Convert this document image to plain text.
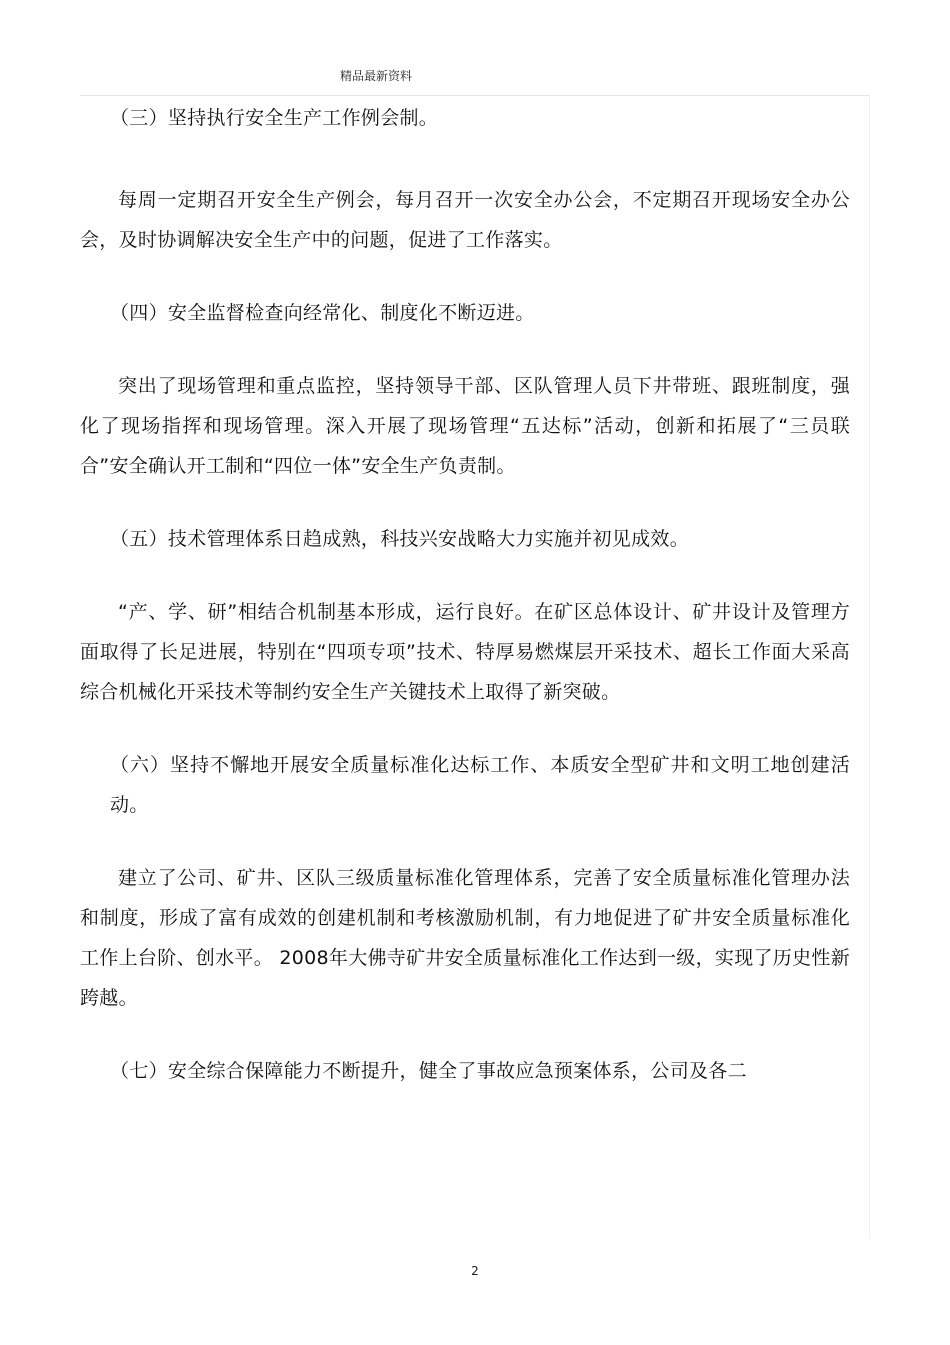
精品最新资料

（三）坚持执行安全生产工作例会制。

每周一定期召开安全生产例会，每月召开一次安全办公会，不定期召开现场安全办公会，及时协调解决安全生产中的问题，促进了工作落实。

（四）安全监督检查向经常化、制度化不断迈进。

突出了现场管理和重点监控，坚持领导干部、区队管理人员下井带班、跟班制度，强化了现场指挥和现场管理。深入开展了现场管理“五达标”活动，创新和拓展了“三员联合”安全确认开工制和“四位一体”安全生产负责制。

（五）技术管理体系日趋成熟，科技兴安战略大力实施并初见成效。

“产、学、研”相结合机制基本形成，运行良好。在矿区总体设计、矿井设计及管理方面取得了长足进展，特别在“四项专项”技术、特厚易燃煤层开采技术、超长工作面大采高综合机械化开采技术等制约安全生产关键技术上取得了新突破。

（六）坚持不懈地开展安全质量标准化达标工作、本质安全型矿井和文明工地创建活动。

建立了公司、矿井、区队三级质量标准化管理体系，完善了安全质量标准化管理办法和制度，形成了富有成效的创建机制和考核激励机制，有力地促进了矿井安全质量标准化工作上台阶、创水平。 2008年大佛寺矿井安全质量标准化工作达到一级，实现了历史性新跨越。

（七）安全综合保障能力不断提升，健全了事故应急预案体系，公司及各二

2
